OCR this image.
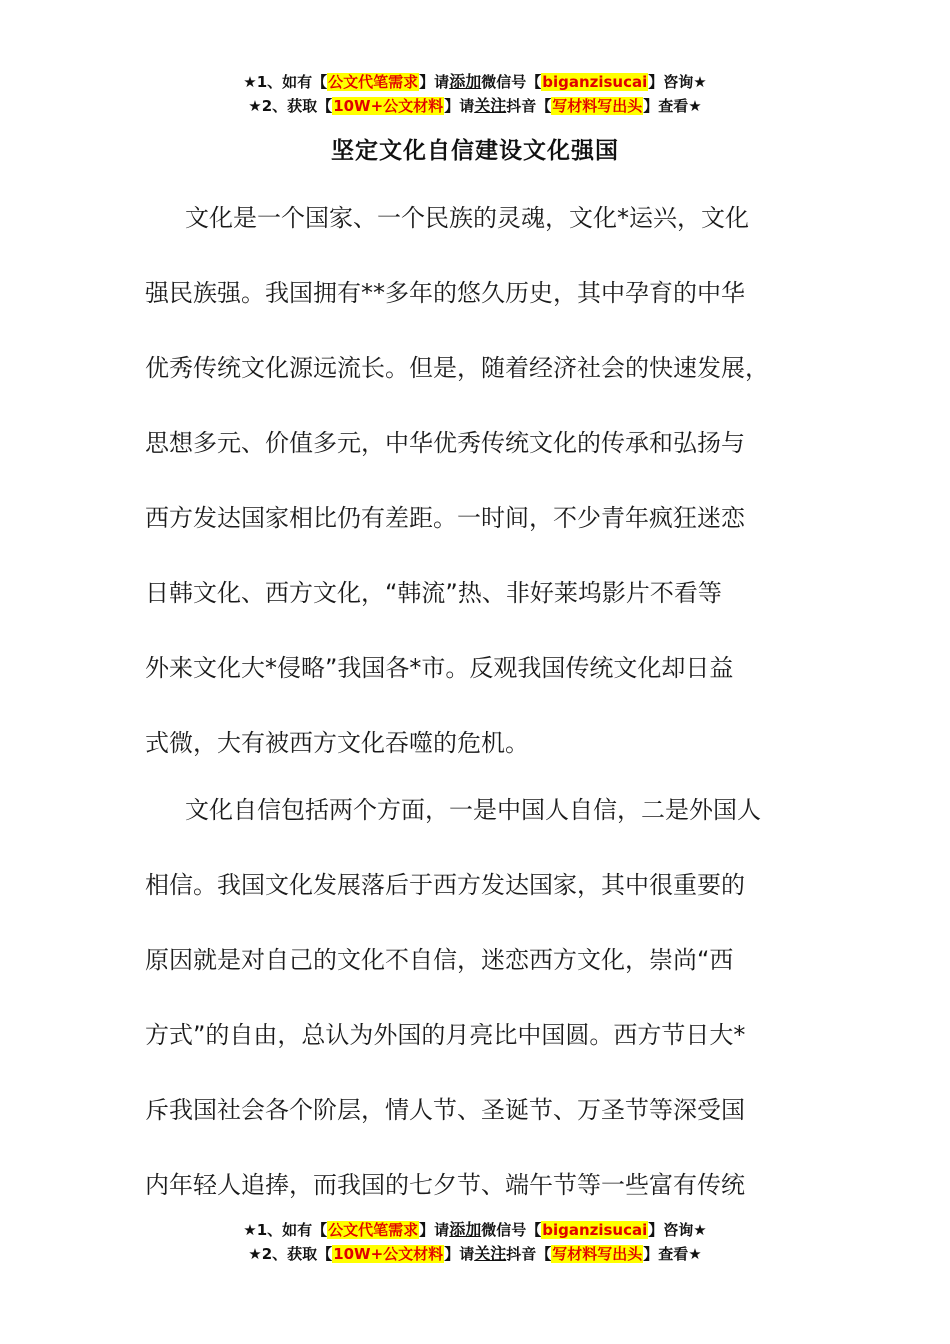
★1、如有【公文代笔需求】请添加微信号【biganzisucai】咨询★
★2、获取【10W+公文材料】请关注抖音【写材料写出头】查看★
坚定文化自信建设文化强国
文化是一个国家、一个民族的灵魂，文化*运兴，文化
强民族强。我国拥有**多年的悠久历史，其中孕育的中华
优秀传统文化源远流长。但是，随着经济社会的快速发展，
思想多元、价值多元，中华优秀传统文化的传承和弘扬与
西方发达国家相比仍有差距。一时间，不少青年疯狂迷恋
日韩文化、西方文化，“韩流”热、非好莱坞影片不看等
外来文化大*侵略”我国各*市。反观我国传统文化却日益
式微，大有被西方文化吞噬的危机。
文化自信包括两个方面，一是中国人自信，二是外国人
相信。我国文化发展落后于西方发达国家，其中很重要的
原因就是对自己的文化不自信，迷恋西方文化，崇尚“西
方式”的自由，总认为外国的月亮比中国圆。西方节日大*
斥我国社会各个阶层，情人节、圣诞节、万圣节等深受国
内年轻人追捧，而我国的七夕节、端午节等一些富有传统
★1、如有【公文代笔需求】请添加微信号【biganzisucai】咨询★
★2、获取【10W+公文材料】请关注抖音【写材料写出头】查看★
